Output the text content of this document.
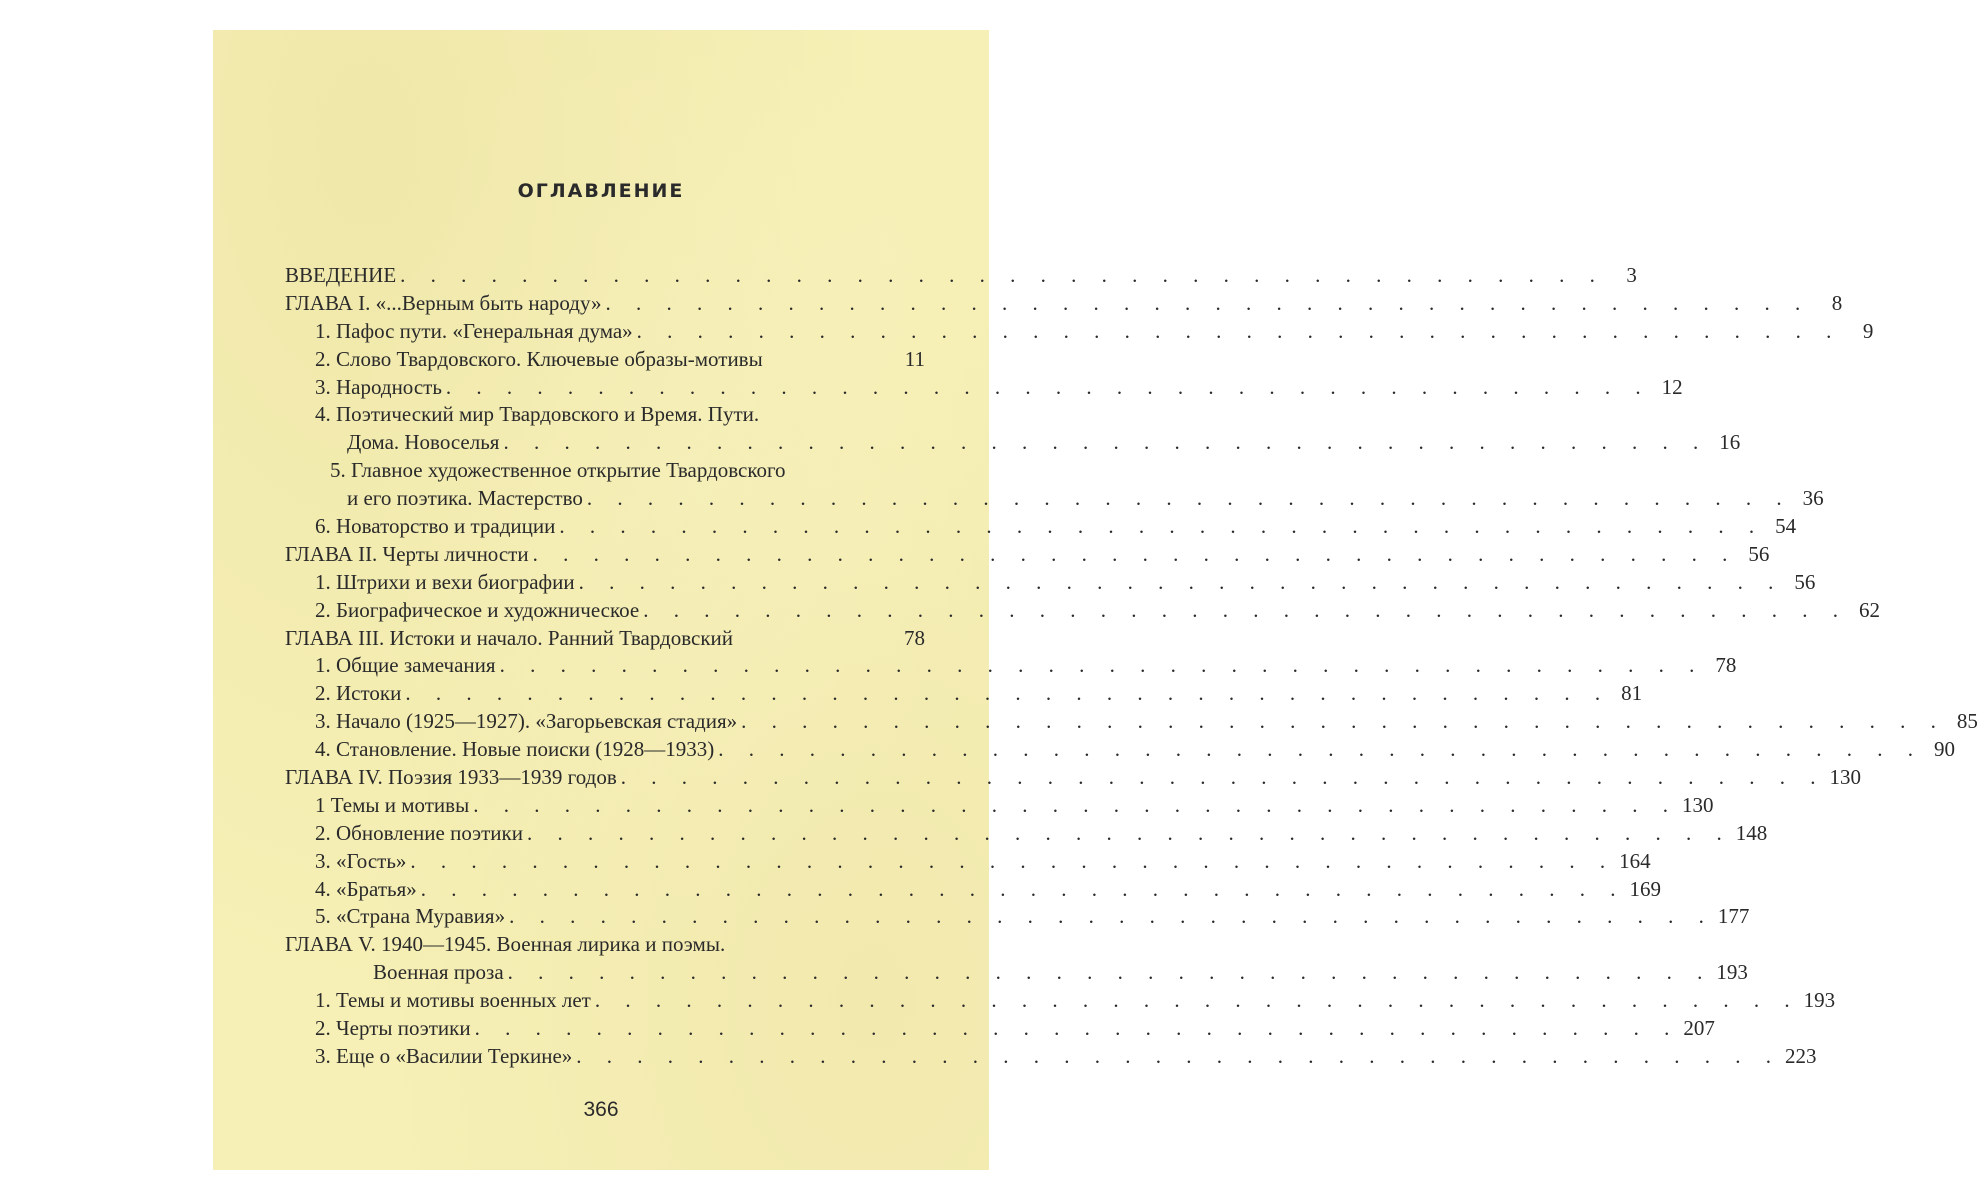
ОГЛАВЛЕНИЕ
ВВЕДЕНИЕ . . . . . . . . . . . . . . . . . . . . . . . . . . . . . . . . . . . . . . . .	3
ГЛАВА I. «...Верным быть народу» . . . . . . . . . . . . . . . . . . . . . . . . . . . . . . . . . . . . . . . .	8
1. Пафос пути. «Генеральная дума» . . . . . . . . . . . . . . . . . . . . . . . . . . . . . . . . . . . . . . . .	9
2. Слово Твардовского. Ключевые образы-мотивы	11
3. Народность . . . . . . . . . . . . . . . . . . . . . . . . . . . . . . . . . . . . . . . . 12
4. Поэтический мир Твардовского и Время. Пути.
Дома. Новоселья . . . . . . . . . . . . . . . . . . . . . . . . . . . . . . . . . . . . . . . . 16
5. Главное художественное открытие Твардовского
и его поэтика. Мастерство . . . . . . . . . . . . . . . . . . . . . . . . . . . . . . . . . . . . . . . . 36
6. Новаторство и традиции . . . . . . . . . . . . . . . . . . . . . . . . . . . . . . . . . . . . . . . . 54
ГЛАВА II. Черты личности . . . . . . . . . . . . . . . . . . . . . . . . . . . . . . . . . . . . . . . . 56
1. Штрихи и вехи биографии . . . . . . . . . . . . . . . . . . . . . . . . . . . . . . . . . . . . . . . . 56
2. Биографическое и художническое . . . . . . . . . . . . . . . . . . . . . . . . . . . . . . . . . . . . . . . . 62
ГЛАВА III. Истоки и начало. Ранний Твардовский	78
1. Общие замечания . . . . . . . . . . . . . . . . . . . . . . . . . . . . . . . . . . . . . . . . 78
2. Истоки . . . . . . . . . . . . . . . . . . . . . . . . . . . . . . . . . . . . . . . . 81
3. Начало (1925—1927). «Загорьевская стадия» . . . . . . . . . . . . . . . . . . . . . . . . . . . . . . . . . . . . . . . . 85
4. Становление. Новые поиски (1928—1933) . . . . . . . . . . . . . . . . . . . . . . . . . . . . . . . . . . . . . . . . 90
ГЛАВА IV. Поэзия 1933—1939 годов . . . . . . . . . . . . . . . . . . . . . . . . . . . . . . . . . . . . . . . . 130
1 Темы и мотивы . . . . . . . . . . . . . . . . . . . . . . . . . . . . . . . . . . . . . . . . 130
2. Обновление поэтики . . . . . . . . . . . . . . . . . . . . . . . . . . . . . . . . . . . . . . . . 148
3. «Гость» . . . . . . . . . . . . . . . . . . . . . . . . . . . . . . . . . . . . . . . . 164
4. «Братья» . . . . . . . . . . . . . . . . . . . . . . . . . . . . . . . . . . . . . . . . 169
5. «Страна Муравия» . . . . . . . . . . . . . . . . . . . . . . . . . . . . . . . . . . . . . . . . 177
ГЛАВА V. 1940—1945. Военная лирика и поэмы.
Военная проза . . . . . . . . . . . . . . . . . . . . . . . . . . . . . . . . . . . . . . . . 193
1. Темы и мотивы военных лет . . . . . . . . . . . . . . . . . . . . . . . . . . . . . . . . . . . . . . . . 193
2. Черты поэтики . . . . . . . . . . . . . . . . . . . . . . . . . . . . . . . . . . . . . . . . 207
3. Еще о «Василии Теркине» . . . . . . . . . . . . . . . . . . . . . . . . . . . . . . . . . . . . . . . . 223
366
